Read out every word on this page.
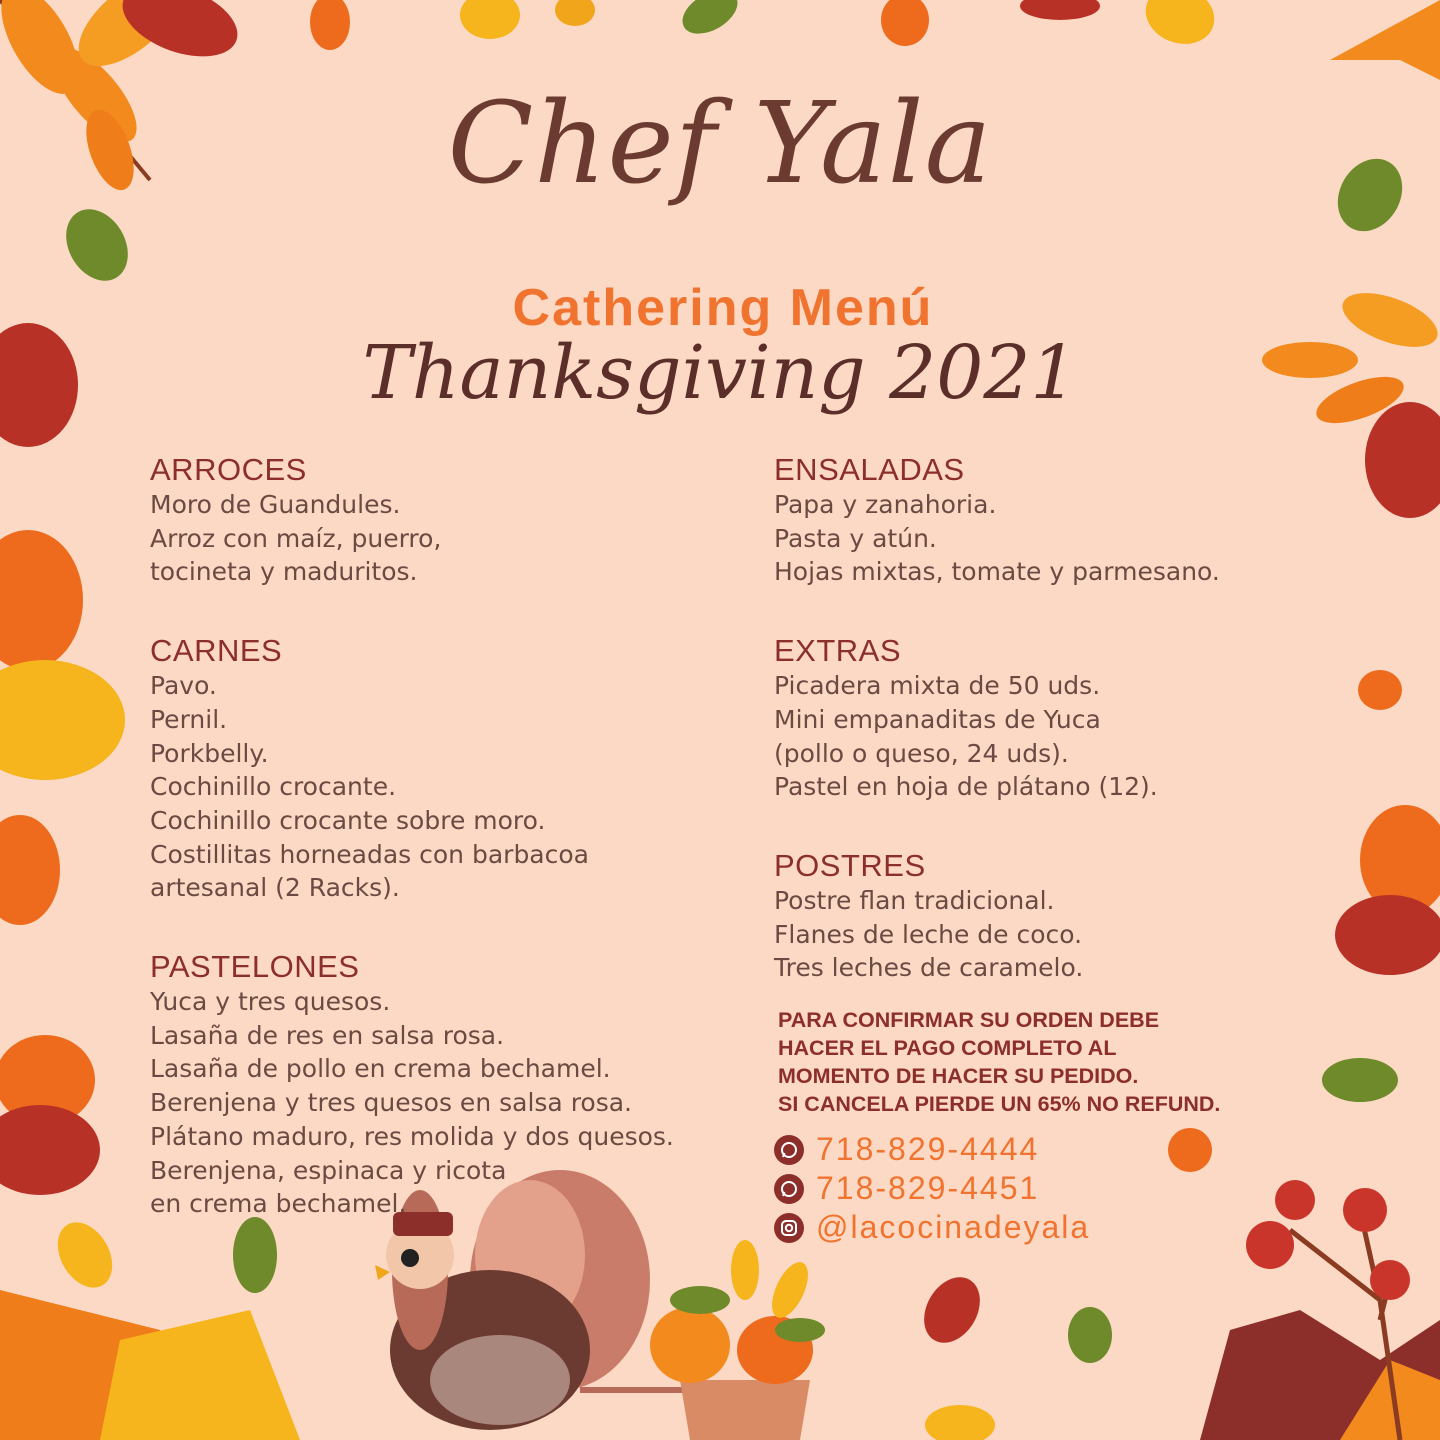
Chef Yala
Cathering Menú
Thanksgiving 2021
ARROCES
Moro de Guandules.
Arroz con maíz, puerro,
tocineta y maduritos.
CARNES
Pavo.
Pernil.
Porkbelly.
Cochinillo crocante.
Cochinillo crocante sobre moro.
Costillitas horneadas con barbacoa
artesanal (2 Racks).
PASTELONES
Yuca y tres quesos.
Lasaña de res en salsa rosa.
Lasaña de pollo en crema bechamel.
Berenjena y tres quesos en salsa rosa.
Plátano maduro, res molida y dos quesos.
Berenjena, espinaca y ricota
en crema bechamel.
ENSALADAS
Papa y zanahoria.
Pasta y atún.
Hojas mixtas, tomate y parmesano.
EXTRAS
Picadera mixta de 50 uds.
Mini empanaditas de Yuca
(pollo o queso, 24 uds).
Pastel en hoja de plátano (12).
POSTRES
Postre flan tradicional.
Flanes de leche de coco.
Tres leches de caramelo.
PARA CONFIRMAR SU ORDEN DEBE
HACER EL PAGO COMPLETO AL
MOMENTO DE HACER SU PEDIDO.
SI CANCELA PIERDE UN 65% NO REFUND.
718-829-4444
718-829-4451
@lacocinadeyala
